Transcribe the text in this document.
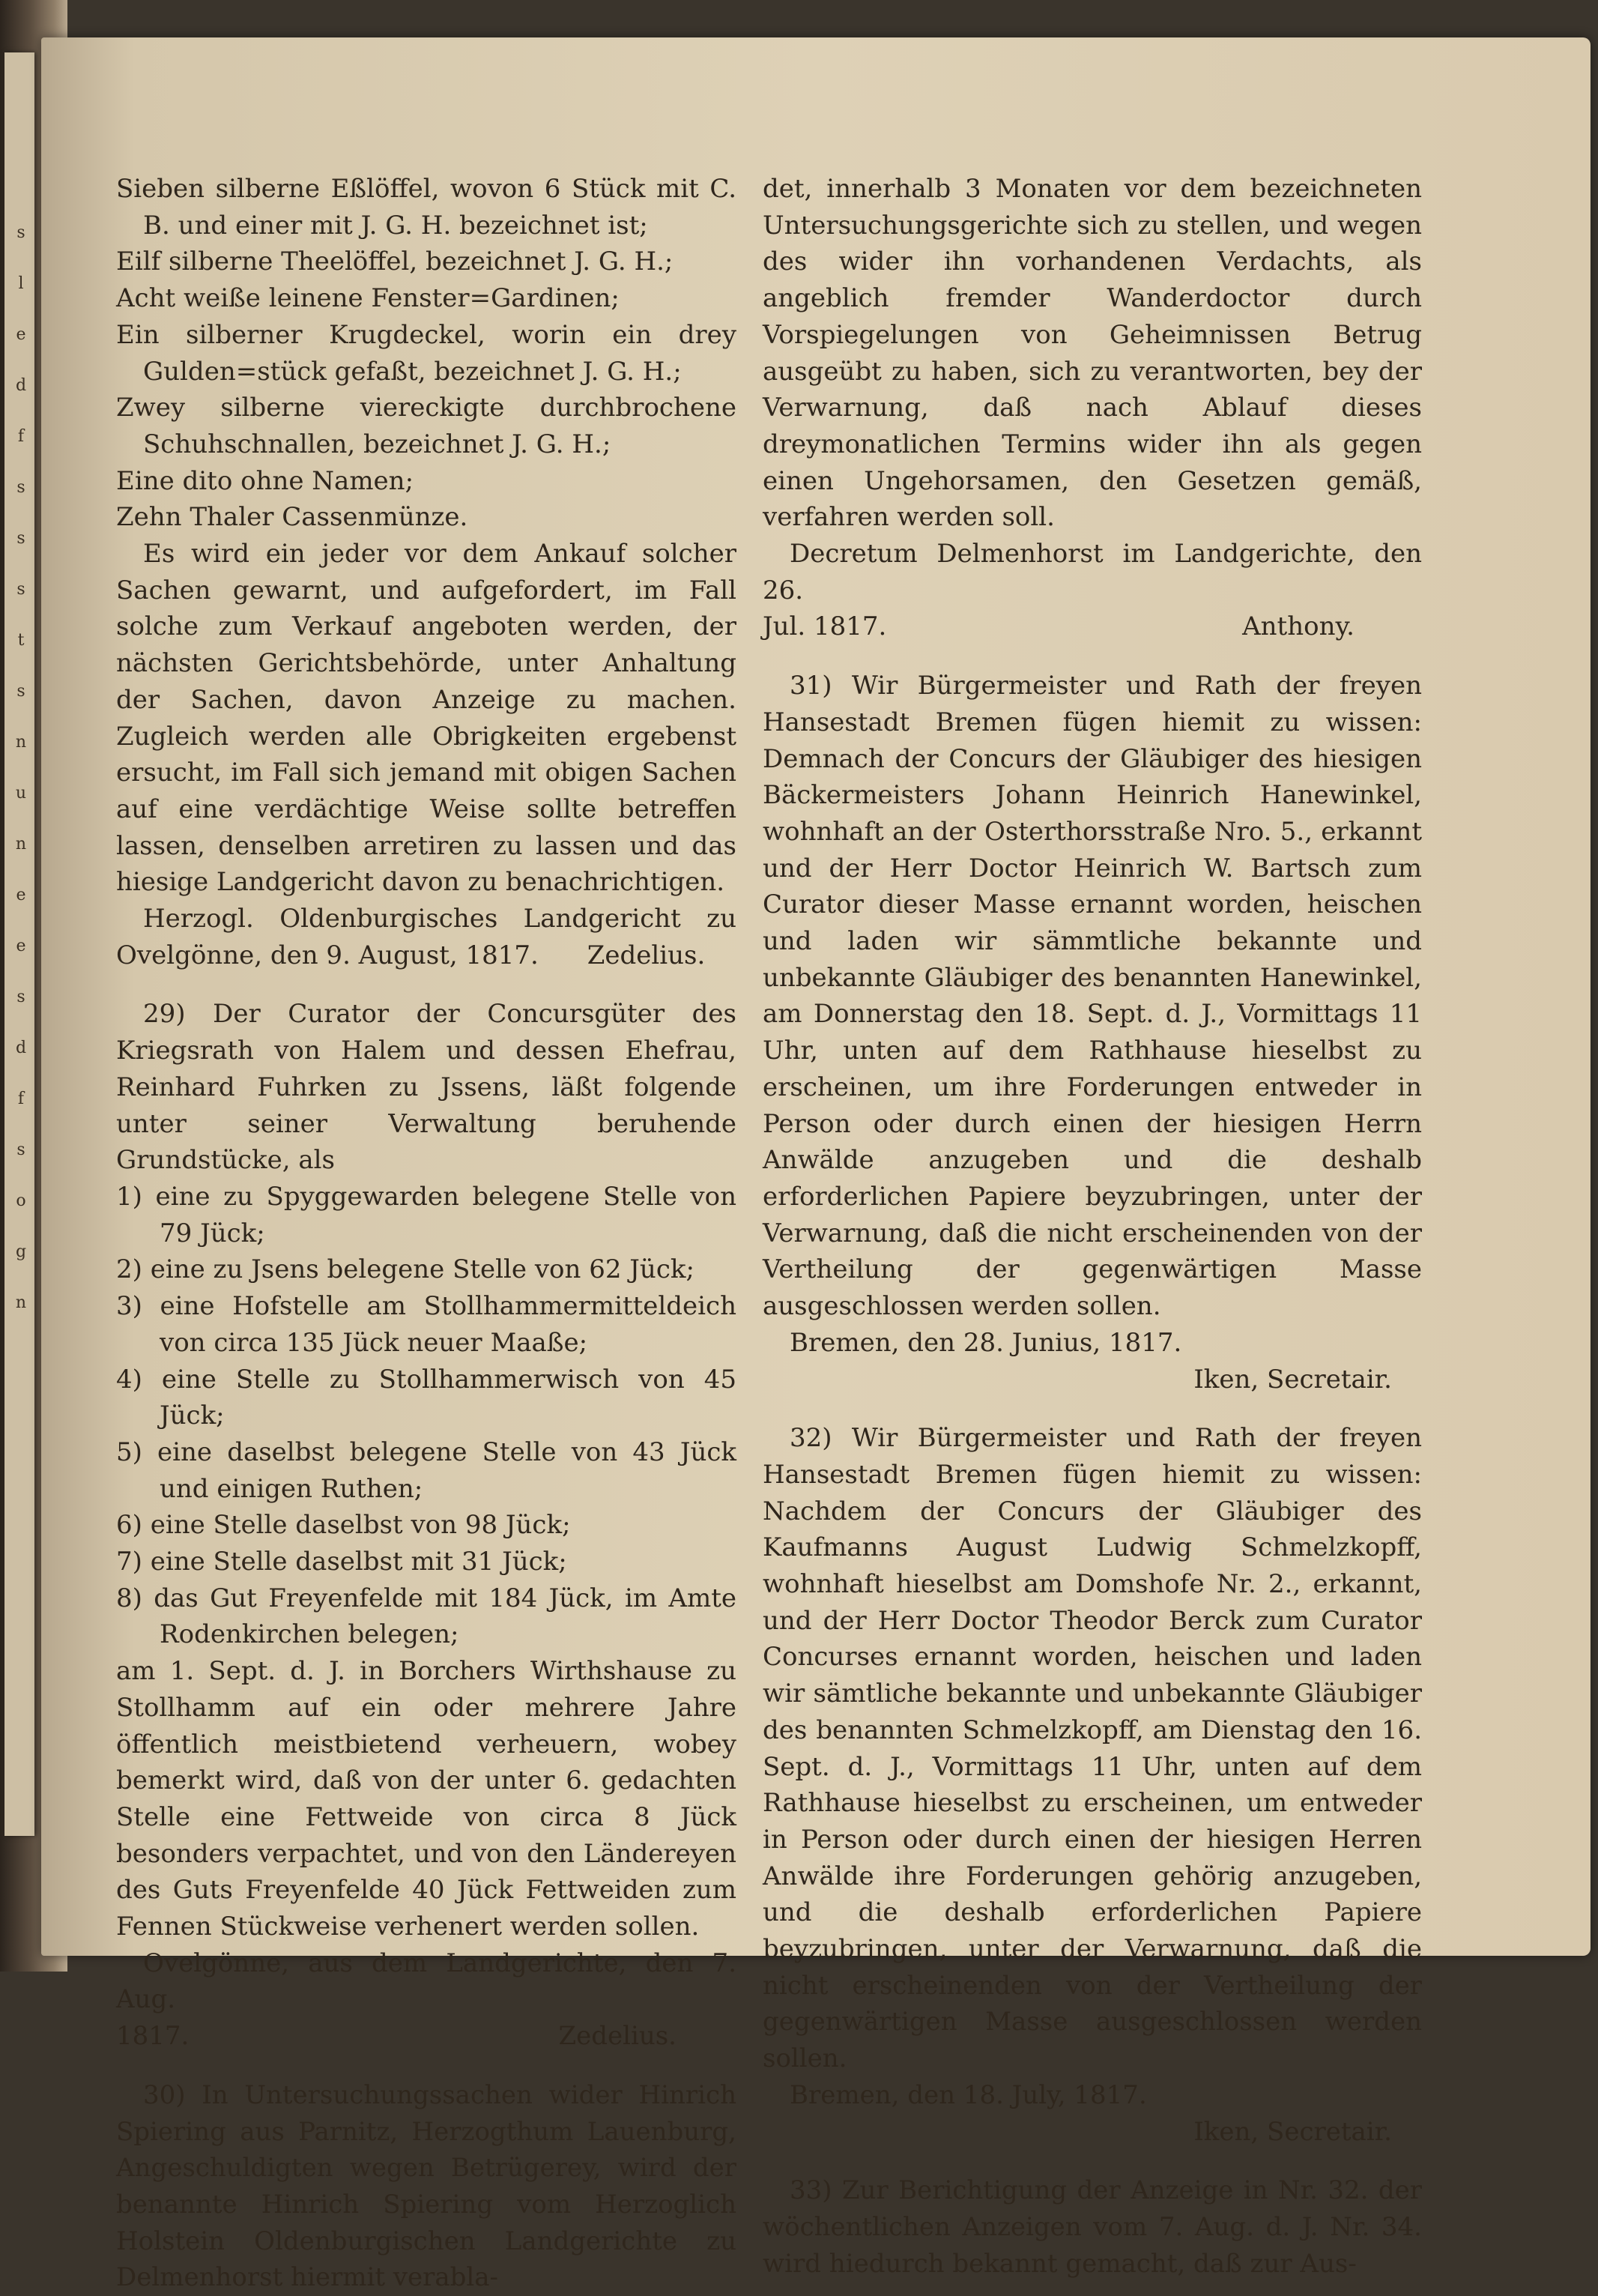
s
l
e
d
f
s
s
s
t
s
n
u
n
e
e
s
d
f
s
o
g
n

Sieben silberne Eßlöffel, wovon 6 Stück mit C. B. und einer mit J. G. H. bezeichnet ist;

Eilf silberne Theelöffel, bezeichnet J. G. H.;

Acht weiße leinene Fenster=Gardinen;

Ein silberner Krugdeckel, worin ein drey Gulden=stück gefaßt, bezeichnet J. G. H.;

Zwey silberne viereckigte durchbrochene Schuhschnallen, bezeichnet J. G. H.;

Eine dito ohne Namen;

Zehn Thaler Cassenmünze.

Es wird ein jeder vor dem Ankauf solcher Sachen gewarnt, und aufgefordert, im Fall solche zum Verkauf angeboten werden, der nächsten Gerichtsbehörde, unter Anhaltung der Sachen, davon Anzeige zu machen. Zugleich werden alle Obrigkeiten ergebenst ersucht, im Fall sich jemand mit obigen Sachen auf eine verdächtige Weise sollte betreffen lassen, denselben arretiren zu lassen und das hiesige Landgericht davon zu benachrichtigen.

Herzogl. Oldenburgisches Landgericht zu Ovelgönne, den 9. August, 1817. Zedelius.

29) Der Curator der Concursgüter des Kriegsrath von Halem und dessen Ehefrau, Reinhard Fuhrken zu Jssens, läßt folgende unter seiner Verwaltung beruhende Grundstücke, als

1) eine zu Spyggewarden belegene Stelle von 79 Jück;

2) eine zu Jsens belegene Stelle von 62 Jück;

3) eine Hofstelle am Stollhammermitteldeich von circa 135 Jück neuer Maaße;

4) eine Stelle zu Stollhammerwisch von 45 Jück;

5) eine daselbst belegene Stelle von 43 Jück und einigen Ruthen;

6) eine Stelle daselbst von 98 Jück;

7) eine Stelle daselbst mit 31 Jück;

8) das Gut Freyenfelde mit 184 Jück, im Amte Rodenkirchen belegen;

am 1. Sept. d. J. in Borchers Wirthshause zu Stollhamm auf ein oder mehrere Jahre öffentlich meistbietend verheuern, wobey bemerkt wird, daß von der unter 6. gedachten Stelle eine Fettweide von circa 8 Jück besonders verpachtet, und von den Ländereyen des Guts Freyenfelde 40 Jück Fettweiden zum Fennen Stückweise verhenert werden sollen.

Ovelgönne, aus dem Landgerichte, den 7. Aug.

1817.	Zedelius.

30) In Untersuchungssachen wider Hinrich Spiering aus Parnitz, Herzogthum Lauenburg, Angeschuldigten wegen Betrügerey, wird der benannte Hinrich Spiering vom Herzoglich Holstein Oldenburgischen Landgerichte zu Delmenhorst hiermit verabla-

det, innerhalb 3 Monaten vor dem bezeichneten Untersuchungsgerichte sich zu stellen, und wegen des wider ihn vorhandenen Verdachts, als angeblich fremder Wanderdoctor durch Vorspiegelungen von Geheimnissen Betrug ausgeübt zu haben, sich zu verantworten, bey der Verwarnung, daß nach Ablauf dieses dreymonatlichen Termins wider ihn als gegen einen Ungehorsamen, den Gesetzen gemäß, verfahren werden soll.

Decretum Delmenhorst im Landgerichte, den 26.

Jul. 1817.	Anthony.

31) Wir Bürgermeister und Rath der freyen Hansestadt Bremen fügen hiemit zu wissen: Demnach der Concurs der Gläubiger des hiesigen Bäckermeisters Johann Heinrich Hanewinkel, wohnhaft an der Osterthorsstraße Nro. 5., erkannt und der Herr Doctor Heinrich W. Bartsch zum Curator dieser Masse ernannt worden, heischen und laden wir sämmtliche bekannte und unbekannte Gläubiger des benannten Hanewinkel, am Donnerstag den 18. Sept. d. J., Vormittags 11 Uhr, unten auf dem Rathhause hieselbst zu erscheinen, um ihre Forderungen entweder in Person oder durch einen der hiesigen Herrn Anwälde anzugeben und die deshalb erforderlichen Papiere beyzubringen, unter der Verwarnung, daß die nicht erscheinenden von der Vertheilung der gegenwärtigen Masse ausgeschlossen werden sollen.

Bremen, den 28. Junius, 1817.

Iken, Secretair.

32) Wir Bürgermeister und Rath der freyen Hansestadt Bremen fügen hiemit zu wissen: Nachdem der Concurs der Gläubiger des Kaufmanns August Ludwig Schmelzkopff, wohnhaft hieselbst am Domshofe Nr. 2., erkannt, und der Herr Doctor Theodor Berck zum Curator Concurses ernannt worden, heischen und laden wir sämtliche bekannte und unbekannte Gläubiger des benannten Schmelzkopff, am Dienstag den 16. Sept. d. J., Vormittags 11 Uhr, unten auf dem Rathhause hieselbst zu erscheinen, um entweder in Person oder durch einen der hiesigen Herren Anwälde ihre Forderungen gehörig anzugeben, und die deshalb erforderlichen Papiere beyzubringen, unter der Verwarnung, daß die nicht erscheinenden von der Vertheilung der gegenwärtigen Masse ausgeschlossen werden sollen.

Bremen, den 18. July, 1817.

Iken, Secretair.

33) Zur Berichtigung der Anzeige in Nr. 32. der wöchentlichen Anzeigen vom 7. Aug. d. J. Nr. 34. wird hiedurch bekannt gemacht, daß zur Aus-
